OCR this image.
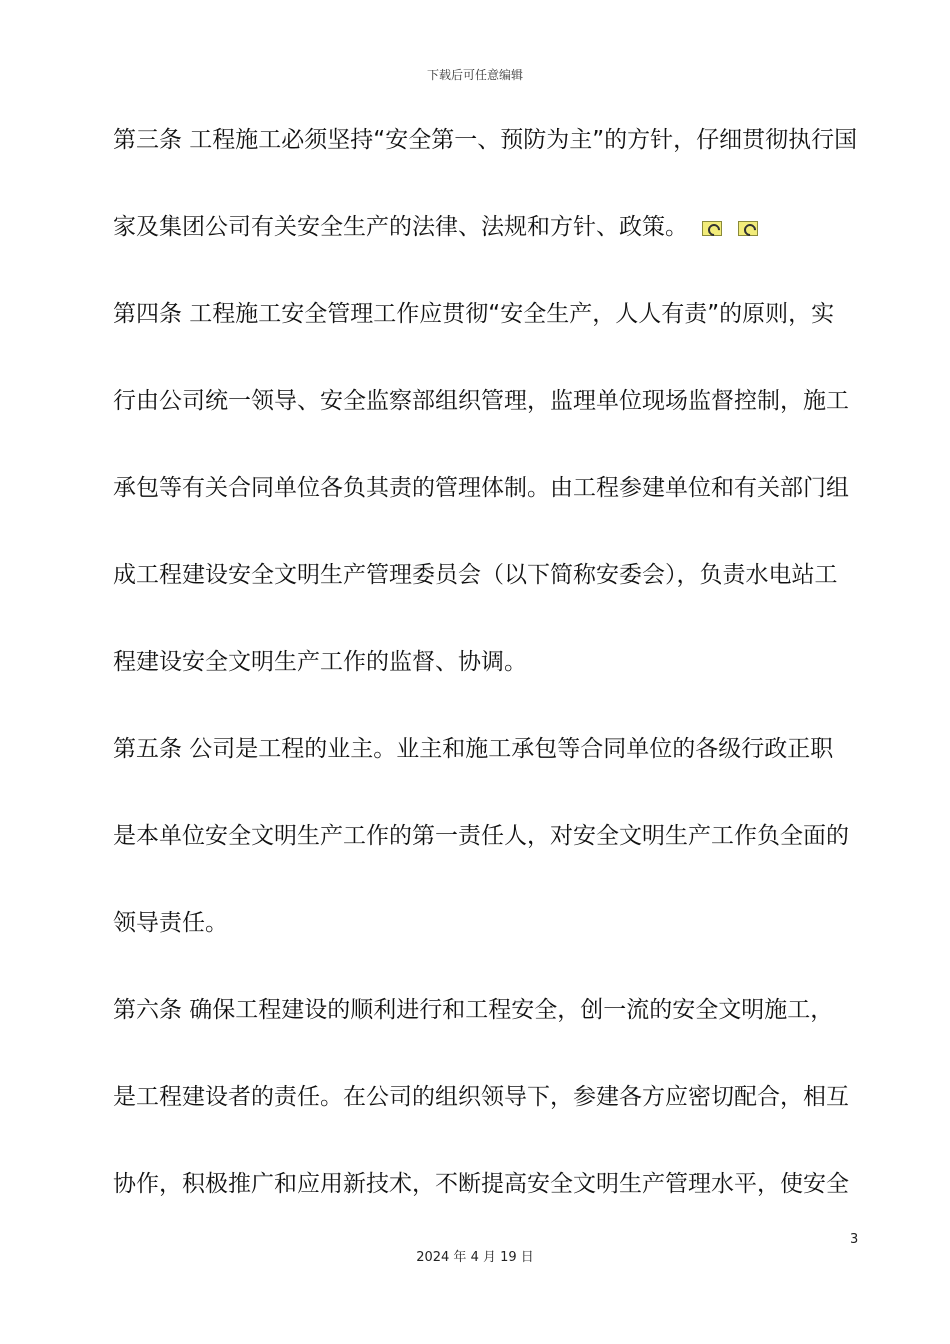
下载后可任意编辑
第三条 工程施工必须坚持“安全第一、预防为主”的方针，仔细贯彻执行国
家及集团公司有关安全生产的法律、法规和方针、政策。
第四条 工程施工安全管理工作应贯彻“安全生产，人人有责”的原则，实
行由公司统一领导、安全监察部组织管理，监理单位现场监督控制，施工
承包等有关合同单位各负其责的管理体制。由工程参建单位和有关部门组
成工程建设安全文明生产管理委员会（以下简称安委会），负责水电站工
程建设安全文明生产工作的监督、协调。
第五条 公司是工程的业主。业主和施工承包等合同单位的各级行政正职
是本单位安全文明生产工作的第一责任人，对安全文明生产工作负全面的
领导责任。
第六条 确保工程建设的顺利进行和工程安全，创一流的安全文明施工，
是工程建设者的责任。在公司的组织领导下，参建各方应密切配合，相互
协作，积极推广和应用新技术，不断提高安全文明生产管理水平，使安全
3
2024 年 4 月 19 日
